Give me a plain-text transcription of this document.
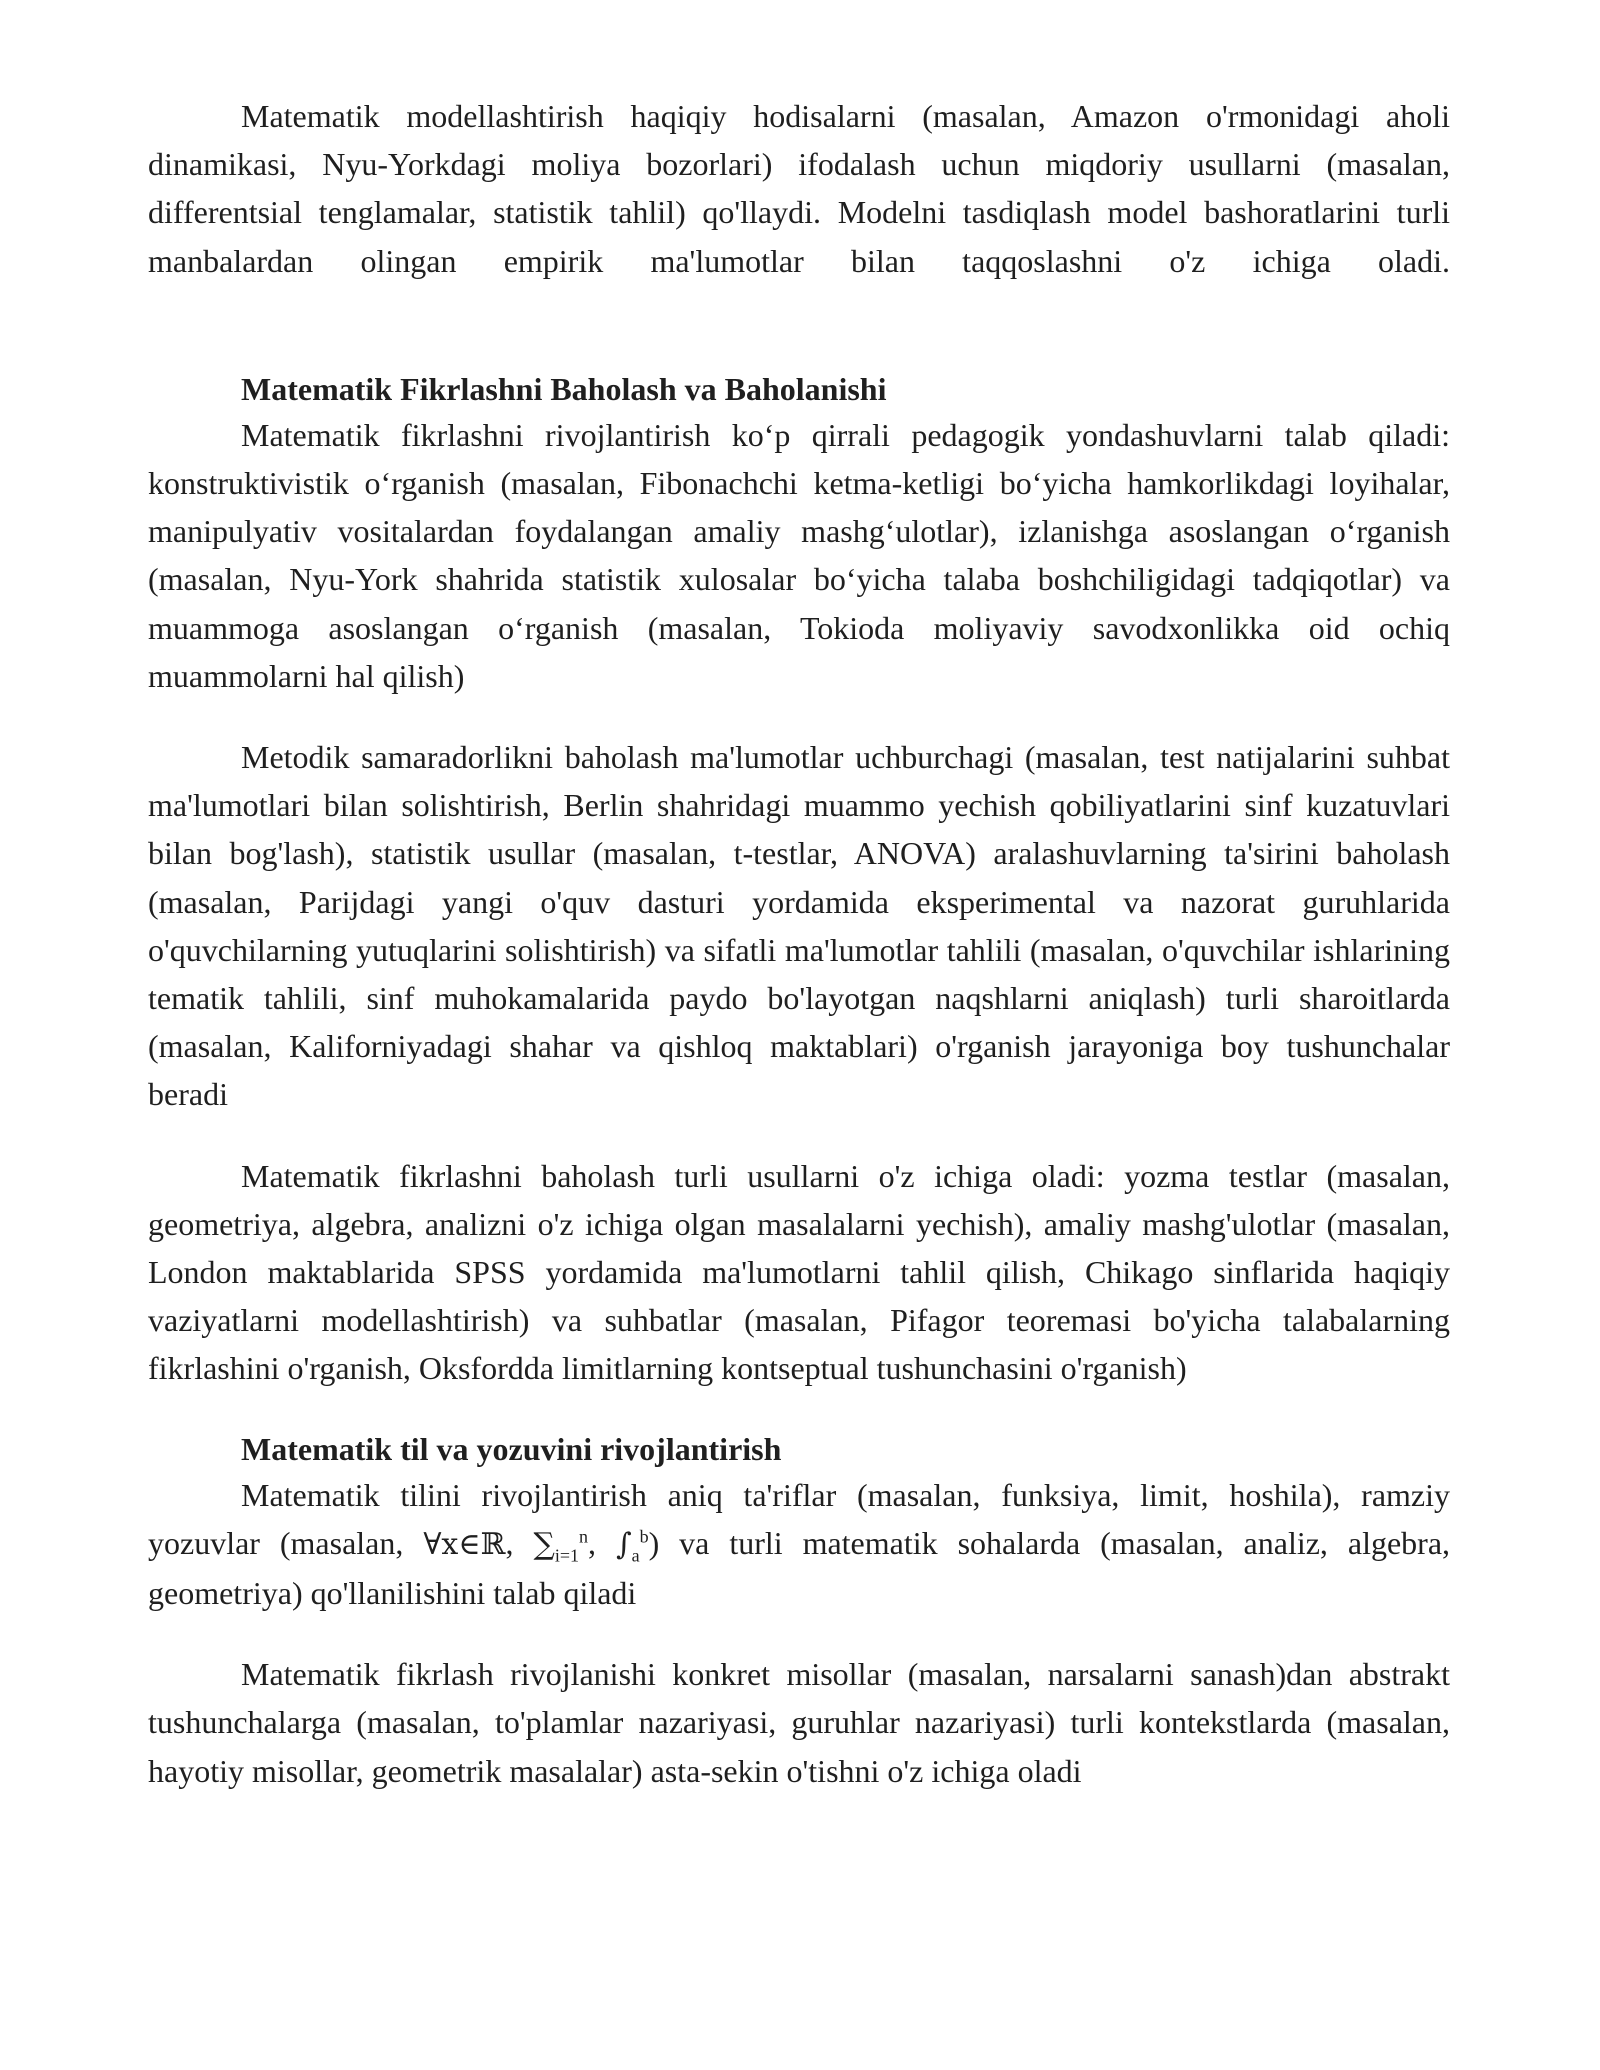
Matematik modellashtirish haqiqiy hodisalarni (masalan, Amazon o'rmonidagi aholi dinamikasi, Nyu-Yorkdagi moliya bozorlari) ifodalash uchun miqdoriy usullarni (masalan, differentsial tenglamalar, statistik tahlil) qo'llaydi. Modelni tasdiqlash model bashoratlarini turli manbalardan olingan empirik ma'lumotlar bilan taqqoslashni o'z ichiga oladi.

Matematik Fikrlashni Baholash va Baholanishi

Matematik fikrlashni rivojlantirish ko‘p qirrali pedagogik yondashuvlarni talab qiladi: konstruktivistik o‘rganish (masalan, Fibonachchi ketma-ketligi bo‘yicha hamkorlikdagi loyihalar, manipulyativ vositalardan foydalangan amaliy mashg‘ulotlar), izlanishga asoslangan o‘rganish (masalan, Nyu-York shahrida statistik xulosalar bo‘yicha talaba boshchiligidagi tadqiqotlar) va muammoga asoslangan o‘rganish (masalan, Tokioda moliyaviy savodxonlikka oid ochiq muammolarni hal qilish)

Metodik samaradorlikni baholash ma'lumotlar uchburchagi (masalan, test natijalarini suhbat ma'lumotlari bilan solishtirish, Berlin shahridagi muammo yechish qobiliyatlarini sinf kuzatuvlari bilan bog'lash), statistik usullar (masalan, t-testlar, ANOVA) aralashuvlarning ta'sirini baholash (masalan, Parijdagi yangi o'quv dasturi yordamida eksperimental va nazorat guruhlarida o'quvchilarning yutuqlarini solishtirish) va sifatli ma'lumotlar tahlili (masalan, o'quvchilar ishlarining tematik tahlili, sinf muhokamalarida paydo bo'layotgan naqshlarni aniqlash) turli sharoitlarda (masalan, Kaliforniyadagi shahar va qishloq maktablari) o'rganish jarayoniga boy tushunchalar beradi

Matematik fikrlashni baholash turli usullarni o'z ichiga oladi: yozma testlar (masalan, geometriya, algebra, analizni o'z ichiga olgan masalalarni yechish), amaliy mashg'ulotlar (masalan, London maktablarida SPSS yordamida ma'lumotlarni tahlil qilish, Chikago sinflarida haqiqiy vaziyatlarni modellashtirish) va suhbatlar (masalan, Pifagor teoremasi bo'yicha talabalarning fikrlashini o'rganish, Oksfordda limitlarning kontseptual tushunchasini o'rganish)

Matematik til va yozuvini rivojlantirish

Matematik tilini rivojlantirish aniq ta'riflar (masalan, funksiya, limit, hoshila), ramziy yozuvlar (masalan, ∀x∈ℝ, $\sum_{i=1}^n$, $\int_a^b$) va turli matematik sohalarda (masalan, analiz, algebra, geometriya) qo'llanilishini talab qiladi

Matematik fikrlash rivojlanishi konkret misollar (masalan, narsalarni sanash)dan abstrakt tushunchalarga (masalan, to'plamlar nazariyasi, guruhlar nazariyasi) turli kontekstlarda (masalan, hayotiy misollar, geometrik masalalar) asta-sekin o'tishni o'z ichiga oladi
